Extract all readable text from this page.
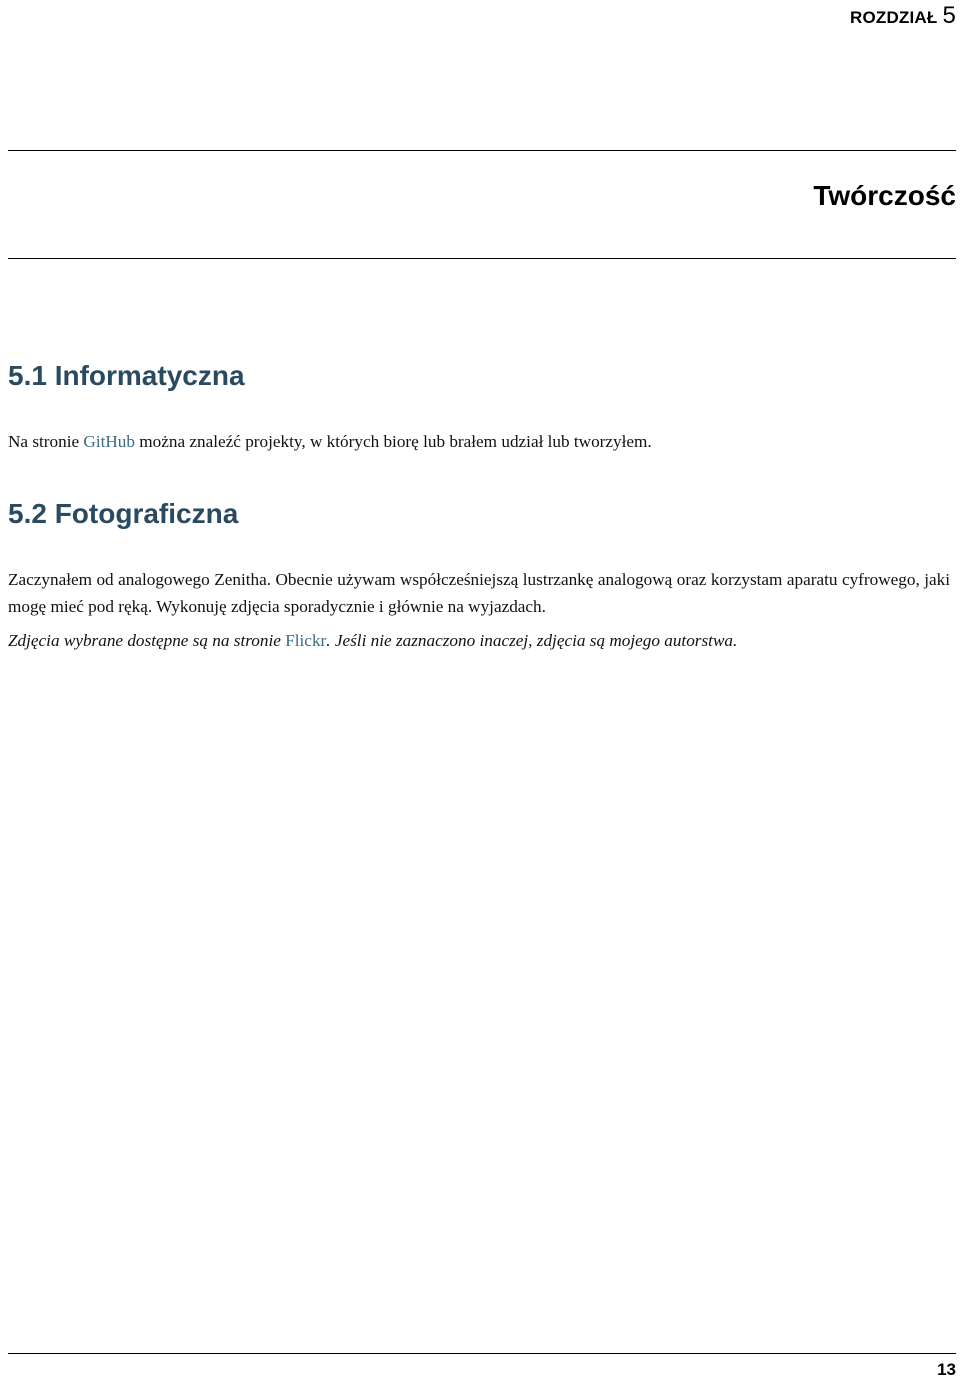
ROZDZIAŁ 5
Twórczość
5.1 Informatyczna

Na stronie GitHub można znaleźć projekty, w których biorę lub brałem udział lub tworzyłem.

5.2 Fotograficzna

Zaczynałem od analogowego Zenitha. Obecnie używam współcześniejszą lustrzankę analogową oraz korzystam aparatu cyfrowego, jaki mogę mieć pod ręką. Wykonuję zdjęcia sporadycznie i głównie na wyjazdach.

Zdjęcia wybrane dostępne są na stronie Flickr. Jeśli nie zaznaczono inaczej, zdjęcia są mojego autorstwa.

13
